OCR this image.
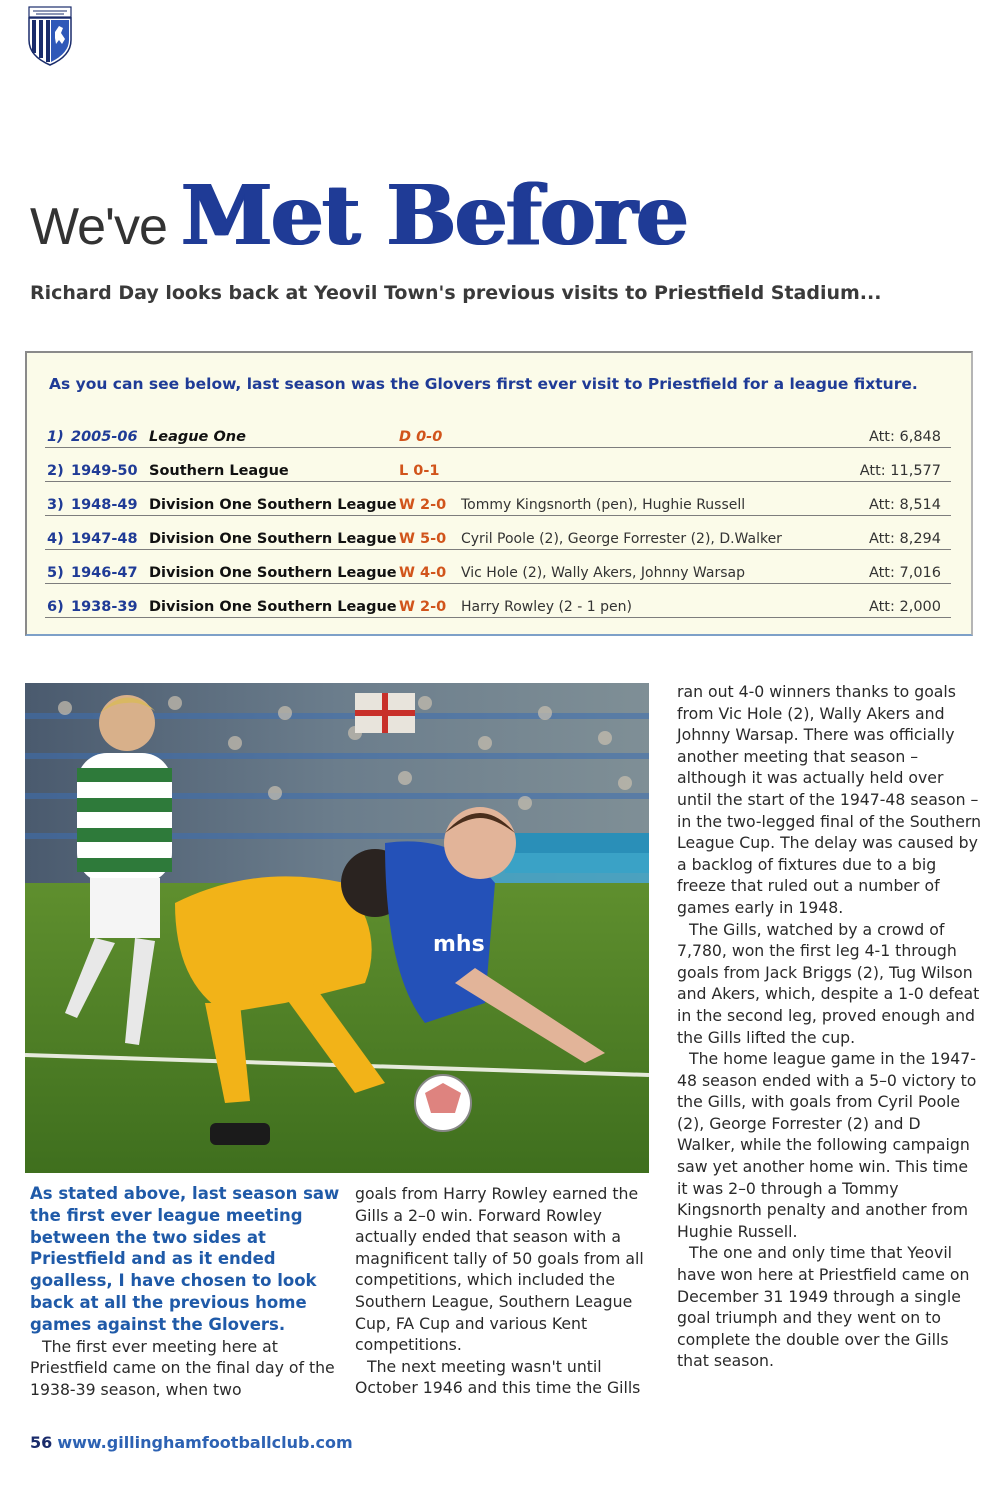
We've Met Before
Richard Day looks back at Yeovil Town's previous visits to Priestfield Stadium...
As you can see below, last season was the Glovers first ever visit to Priestfield for a league fixture.
1) 2005-06 League One	D 0-0	Att: 6,848
2) 1949-50 Southern League	L 0-1	Att: 11,577
3) 1948-49 Division One Southern League W 2-0 Tommy Kingsnorth (pen), Hughie Russell	Att: 8,514
4) 1947-48 Division One Southern League W 5-0 Cyril Poole (2), George Forrester (2), D.Walker	Att: 8,294
5) 1946-47 Division One Southern League W 4-0 Vic Hole (2), Wally Akers, Johnny Warsap	Att: 7,016
6) 1938-39 Division One Southern League W 2-0 Harry Rowley (2 - 1 pen)	Att: 2,000
mhs

As stated above, last season saw the first ever league meeting between the two sides at Priestfield and as it ended goalless, I have chosen to look back at all the previous home games against the Glovers.

The first ever meeting here at Priestfield came on the final day of the 1938-39 season, when two

goals from Harry Rowley earned the Gills a 2–0 win. Forward Rowley actually ended that season with a magnificent tally of 50 goals from all competitions, which included the Southern League, Southern League Cup, FA Cup and various Kent competitions.

The next meeting wasn't until October 1946 and this time the Gills

ran out 4-0 winners thanks to goals from Vic Hole (2), Wally Akers and Johnny Warsap. There was officially another meeting that season – although it was actually held over until the start of the 1947-48 season – in the two-legged final of the Southern League Cup. The delay was caused by a backlog of fixtures due to a big freeze that ruled out a number of games early in 1948.

The Gills, watched by a crowd of 7,780, won the first leg 4-1 through goals from Jack Briggs (2), Tug Wilson and Akers, which, despite a 1-0 defeat in the second leg, proved enough and the Gills lifted the cup.

The home league game in the 1947-48 season ended with a 5–0 victory to the Gills, with goals from Cyril Poole (2), George Forrester (2) and D Walker, while the following campaign saw yet another home win. This time it was 2–0 through a Tommy Kingsnorth penalty and another from Hughie Russell.

The one and only time that Yeovil have won here at Priestfield came on December 31 1949 through a single goal triumph and they went on to complete the double over the Gills that season.

56 www.gillinghamfootballclub.com
